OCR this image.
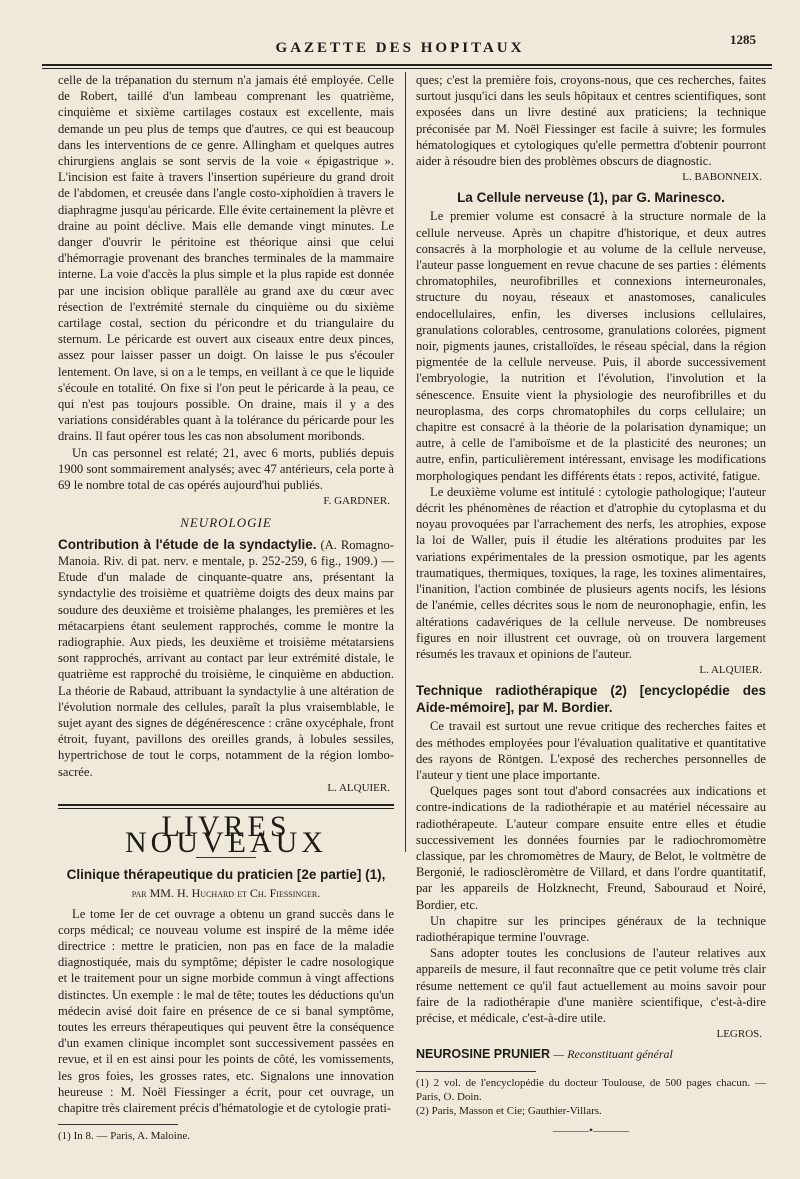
GAZETTE DES HOPITAUX
1285

celle de la trépanation du sternum n'a jamais été employée. Celle de Robert, taillé d'un lambeau comprenant les quatrième, cinquième et sixième cartilages costaux est excellente, mais demande un peu plus de temps que d'autres, ce qui est beaucoup dans les interventions de ce genre. Allingham et quelques autres chirurgiens anglais se sont servis de la voie « épigastrique ». L'incision est faite à travers l'insertion supérieure du grand droit de l'abdomen, et creusée dans l'angle costo-xiphoïdien à travers le diaphragme jusqu'au péricarde. Elle évite certainement la plèvre et draine au point déclive. Mais elle demande vingt minutes. Le danger d'ouvrir le péritoine est théorique ainsi que celui d'hémorragie provenant des branches terminales de la mammaire interne. La voie d'accès la plus simple et la plus rapide est donnée par une incision oblique parallèle au grand axe du cœur avec résection de l'extrémité sternale du cinquième ou du sixième cartilage costal, section du péricondre et du triangulaire du sternum. Le péricarde est ouvert aux ciseaux entre deux pinces, assez pour laisser passer un doigt. On laisse le pus s'écouler lentement. On lave, si on a le temps, en veillant à ce que le liquide s'écoule en totalité. On fixe si l'on peut le péricarde à la peau, ce qui n'est pas toujours possible. On draine, mais il y a des variations considérables quant à la tolérance du péricarde pour les drains. Il faut opérer tous les cas non absolument moribonds.

Un cas personnel est relaté; 21, avec 6 morts, publiés depuis 1900 sont sommairement analysés; avec 47 antérieurs, cela porte à 69 le nombre total de cas opérés aujourd'hui publiés.

F. GARDNER.
NEUROLOGIE

Contribution à l'étude de la syndactylie. (A. Romagno-Manoia. Riv. di pat. nerv. e mentale, p. 252-259, 6 fig., 1909.) — Etude d'un malade de cinquante-quatre ans, présentant la syndactylie des troisième et quatrième doigts des deux mains par soudure des deuxième et troisième phalanges, les premières et les métacarpiens étant seulement rapprochés, comme le montre la radiographie. Aux pieds, les deuxième et troisième métatarsiens sont rapprochés, arrivant au contact par leur extrémité distale, le quatrième est rapproché du troisième, le cinquième en abduction. La théorie de Rabaud, attribuant la syndactylie à une altération de l'évolution normale des cellules, paraît la plus vraisemblable, le sujet ayant des signes de dégénérescence : crâne oxycéphale, front étroit, fuyant, pavillons des oreilles grands, à lobules sessiles, hypertrichose de tout le corps, notamment de la région lombo-sacrée.

L. ALQUIER.
LIVRES NOUVEAUX
Clinique thérapeutique du praticien [2e partie] (1),
par MM. H. Huchard et Ch. Fiessinger.

Le tome Ier de cet ouvrage a obtenu un grand succès dans le corps médical; ce nouveau volume est inspiré de la même idée directrice : mettre le praticien, non pas en face de la maladie diagnostiquée, mais du symptôme; dépister le cadre nosologique et le traitement pour un signe morbide commun à vingt affections distinctes. Un exemple : le mal de tête; toutes les déductions qu'un médecin avisé doit faire en présence de ce si banal symptôme, toutes les erreurs thérapeutiques qui peuvent être la conséquence d'un examen clinique incomplet sont successivement passées en revue, et il en est ainsi pour les points de côté, les vomissements, les gros foies, les grosses rates, etc. Signalons une innovation heureuse : M. Noël Fiessinger a écrit, pour cet ouvrage, un chapitre très clairement précis d'hématologie et de cytologie prati-

(1) In 8. — Paris, A. Maloine.

ques; c'est la première fois, croyons-nous, que ces recherches, faites surtout jusqu'ici dans les seuls hôpitaux et centres scientifiques, sont exposées dans un livre destiné aux praticiens; la technique préconisée par M. Noël Fiessinger est facile à suivre; les formules hématologiques et cytologiques qu'elle permettra d'obtenir pourront aider à résoudre bien des problèmes obscurs de diagnostic.

L. BABONNEIX.
La Cellule nerveuse (1), par G. Marinesco.

Le premier volume est consacré à la structure normale de la cellule nerveuse. Après un chapitre d'historique, et deux autres consacrés à la morphologie et au volume de la cellule nerveuse, l'auteur passe longuement en revue chacune de ses parties : éléments chromatophiles, neurofibrilles et connexions interneuronales, structure du noyau, réseaux et anastomoses, canalicules endocellulaires, enfin, les diverses inclusions cellulaires, granulations colorables, centrosome, granulations colorées, pigment noir, pigments jaunes, cristalloïdes, le réseau spécial, dans la région pigmentée de la cellule nerveuse. Puis, il aborde successivement l'embryologie, la nutrition et l'évolution, l'involution et la sénescence. Ensuite vient la physiologie des neurofibrilles et du neuroplasma, des corps chromatophiles du corps cellulaire; un chapitre est consacré à la théorie de la polarisation dynamique; un autre, à celle de l'amiboïsme et de la plasticité des neurones; un autre, enfin, particulièrement intéressant, envisage les modifications morphologiques pendant les différents états : repos, activité, fatigue.

Le deuxième volume est intitulé : cytologie pathologique; l'auteur décrit les phénomènes de réaction et d'atrophie du cytoplasma et du noyau provoquées par l'arrachement des nerfs, les atrophies, expose la loi de Waller, puis il étudie les altérations produites par les variations expérimentales de la pression osmotique, par les agents traumatiques, thermiques, toxiques, la rage, les toxines alimentaires, l'inanition, l'action combinée de plusieurs agents nocifs, les lésions de l'anémie, celles décrites sous le nom de neuronophagie, enfin, les altérations cadavériques de la cellule nerveuse. De nombreuses figures en noir illustrent cet ouvrage, où on trouvera largement résumés les travaux et opinions de l'auteur.

L. ALQUIER.
Technique radiothérapique (2) [encyclopédie des Aide-mémoire], par M. Bordier.

Ce travail est surtout une revue critique des recherches faites et des méthodes employées pour l'évaluation qualitative et quantitative des rayons de Röntgen. L'exposé des recherches personnelles de l'auteur y tient une place importante.

Quelques pages sont tout d'abord consacrées aux indications et contre-indications de la radiothérapie et au matériel nécessaire au radiothérapeute. L'auteur compare ensuite entre elles et étudie successivement les données fournies par le radiochromomètre classique, par les chromomètres de Maury, de Belot, le voltmètre de Bergonié, le radiosclèromètre de Villard, et dans l'ordre quantitatif, par les appareils de Holzknecht, Freund, Sabouraud et Noiré, Bordier, etc.

Un chapitre sur les principes généraux de la technique radiothérapique termine l'ouvrage.

Sans adopter toutes les conclusions de l'auteur relatives aux appareils de mesure, il faut reconnaître que ce petit volume très clair résume nettement ce qu'il faut actuellement au moins savoir pour faire de la radiothérapie d'une manière scientifique, c'est-à-dire précise, et médicale, c'est-à-dire utile.

LEGROS.
NEUROSINE PRUNIER — Reconstituant général
(1) 2 vol. de l'encyclopédie du docteur Toulouse, de 500 pages chacun. — Paris, O. Doin.
(2) Paris, Masson et Cie; Gauthier-Villars.
———•———
